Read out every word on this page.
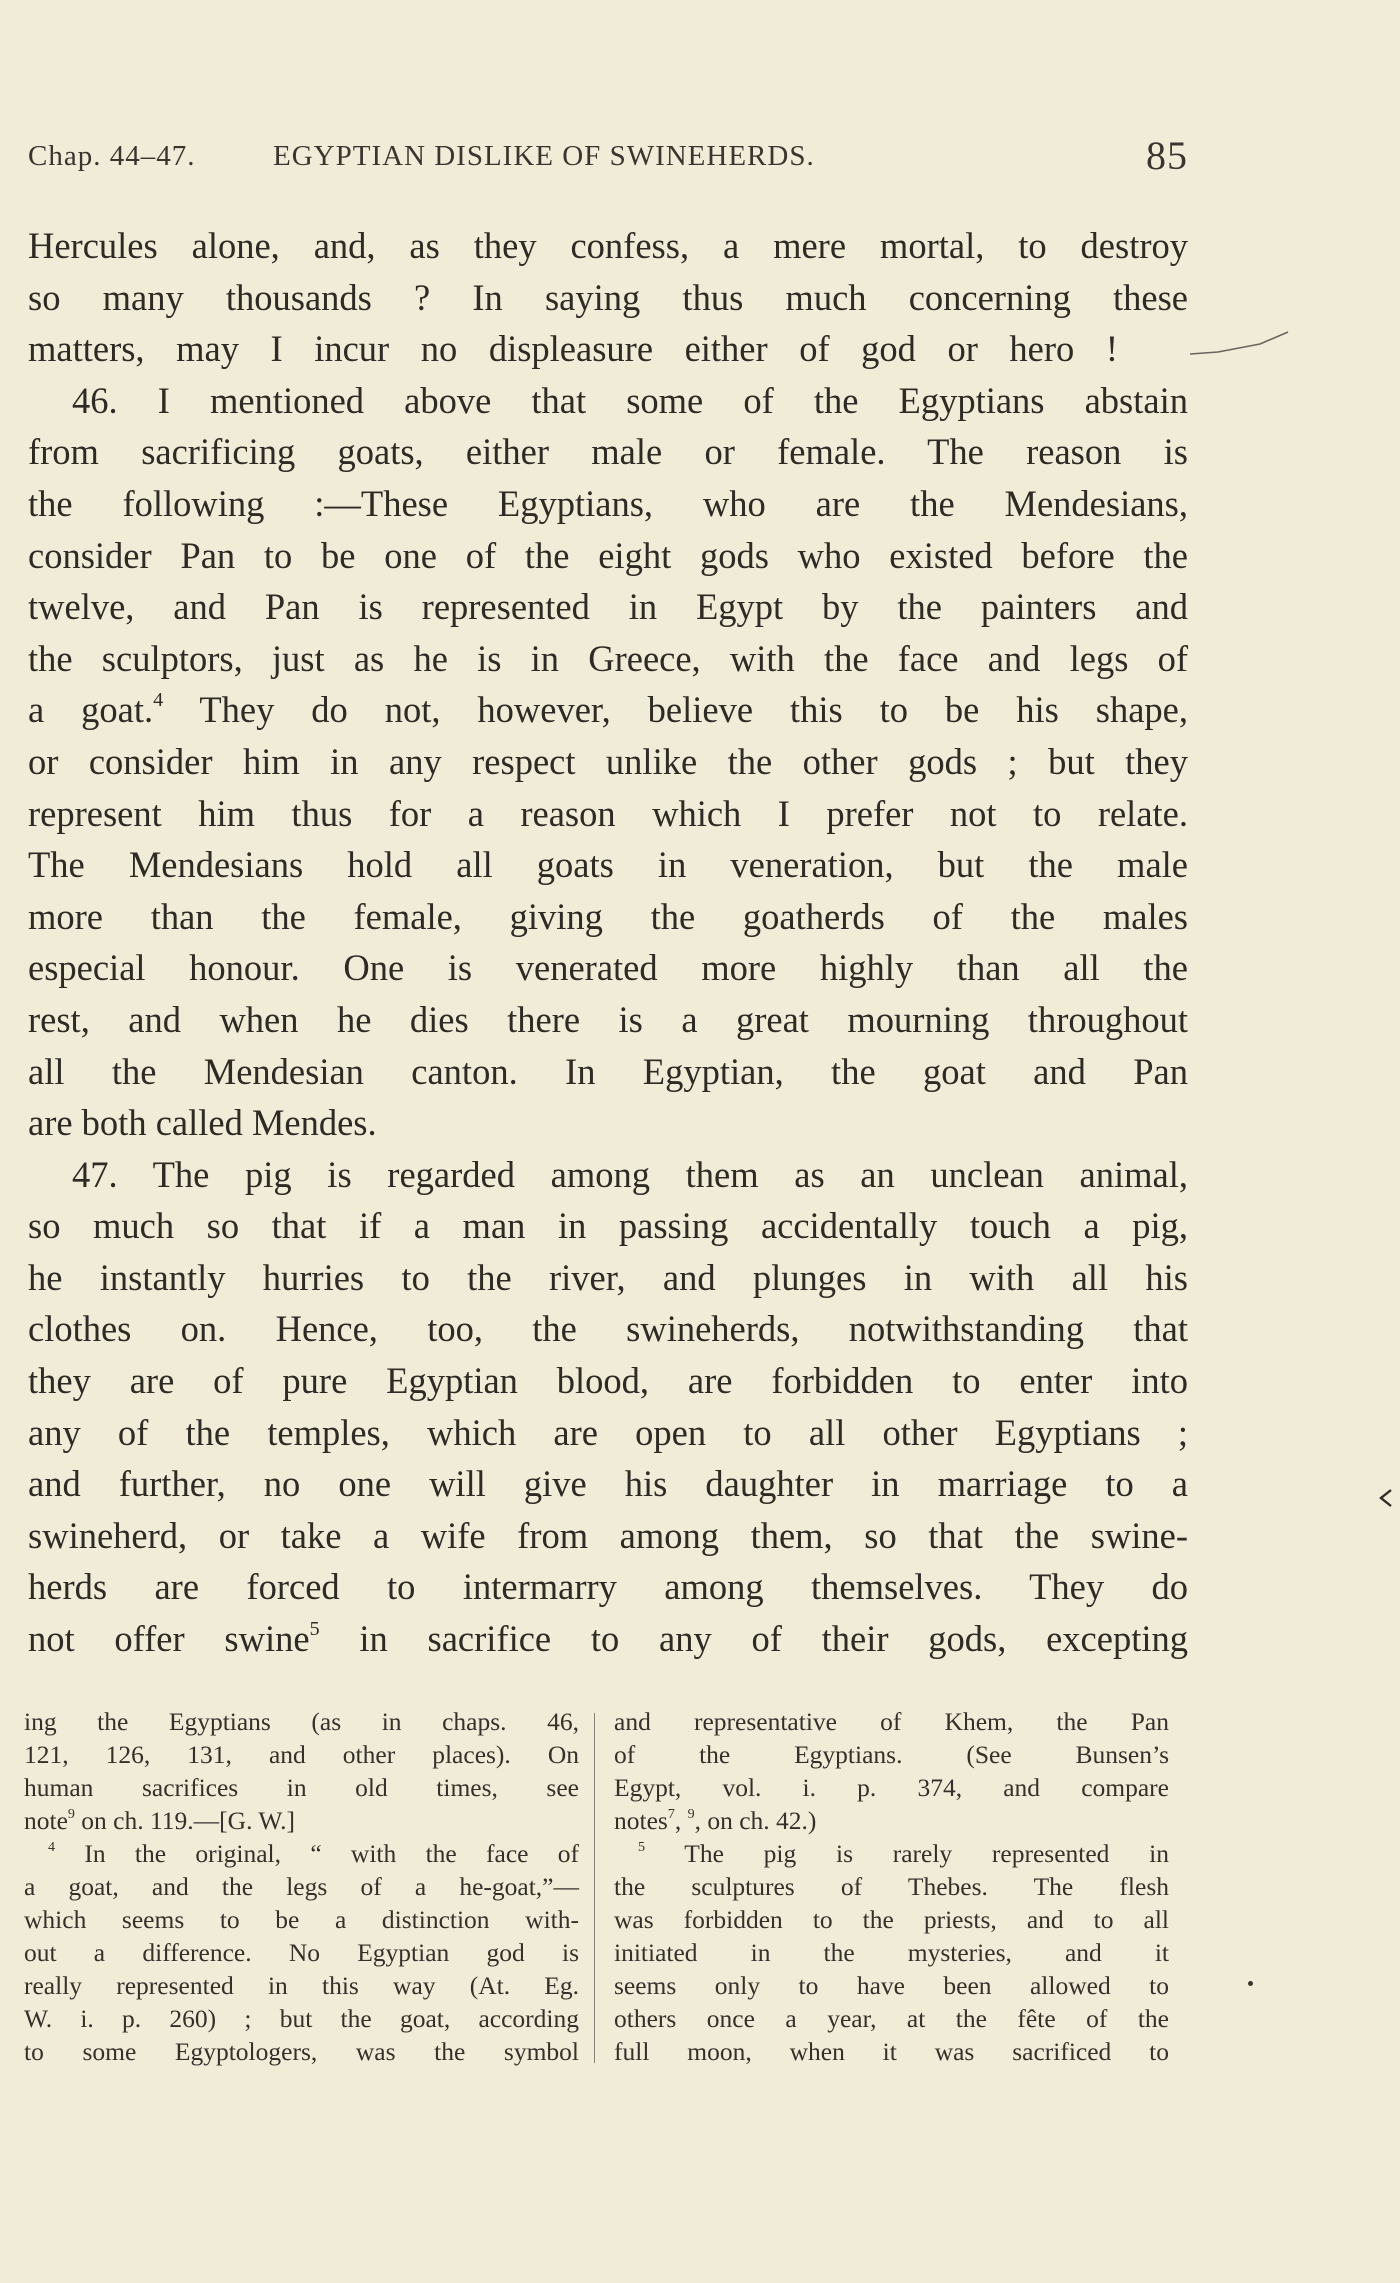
Chap. 44–47.	EGYPTIAN DISLIKE OF SWINEHERDS.	85
Hercules alone, and, as they confess, a mere mortal, to destroy
so many thousands ? In saying thus much concerning these
matters, may I incur no displeasure either of god or hero !
46. I mentioned above that some of the Egyptians abstain
from sacrificing goats, either male or female. The reason is
the following :—These Egyptians, who are the Mendesians,
consider Pan to be one of the eight gods who existed before the
twelve, and Pan is represented in Egypt by the painters and
the sculptors, just as he is in Greece, with the face and legs of
a goat.$^4$ They do not, however, believe this to be his shape,
or consider him in any respect unlike the other gods ; but they
represent him thus for a reason which I prefer not to relate.
The Mendesians hold all goats in veneration, but the male
more than the female, giving the goatherds of the males
especial honour. One is venerated more highly than all the
rest, and when he dies there is a great mourning throughout
all the Mendesian canton. In Egyptian, the goat and Pan
are both called Mendes.
47. The pig is regarded among them as an unclean animal,
so much so that if a man in passing accidentally touch a pig,
he instantly hurries to the river, and plunges in with all his
clothes on. Hence, too, the swineherds, notwithstanding that
they are of pure Egyptian blood, are forbidden to enter into
any of the temples, which are open to all other Egyptians ;
and further, no one will give his daughter in marriage to a
swineherd, or take a wife from among them, so that the swine-
herds are forced to intermarry among themselves. They do
not offer swine$^5$ in sacrifice to any of their gods, excepting
ing the Egyptians (as in chaps. 46,
121, 126, 131, and other places). On
human sacrifices in old times, see
note$^9$ on ch. 119.—[G. W.]
$^4$ In the original, “ with the face of
a goat, and the legs of a he-goat,”—
which seems to be a distinction with-
out a difference. No Egyptian god is
really represented in this way (At. Eg.
W. i. p. 260) ; but the goat, according
to some Egyptologers, was the symbol
and representative of Khem, the Pan
of the Egyptians. (See Bunsen’s
Egypt, vol. i. p. 374, and compare
notes$^7$, $^9$, on ch. 42.)
$^5$ The pig is rarely represented in
the sculptures of Thebes. The flesh
was forbidden to the priests, and to all
initiated in the mysteries, and it
seems only to have been allowed to
others once a year, at the fête of the
full moon, when it was sacrificed to
